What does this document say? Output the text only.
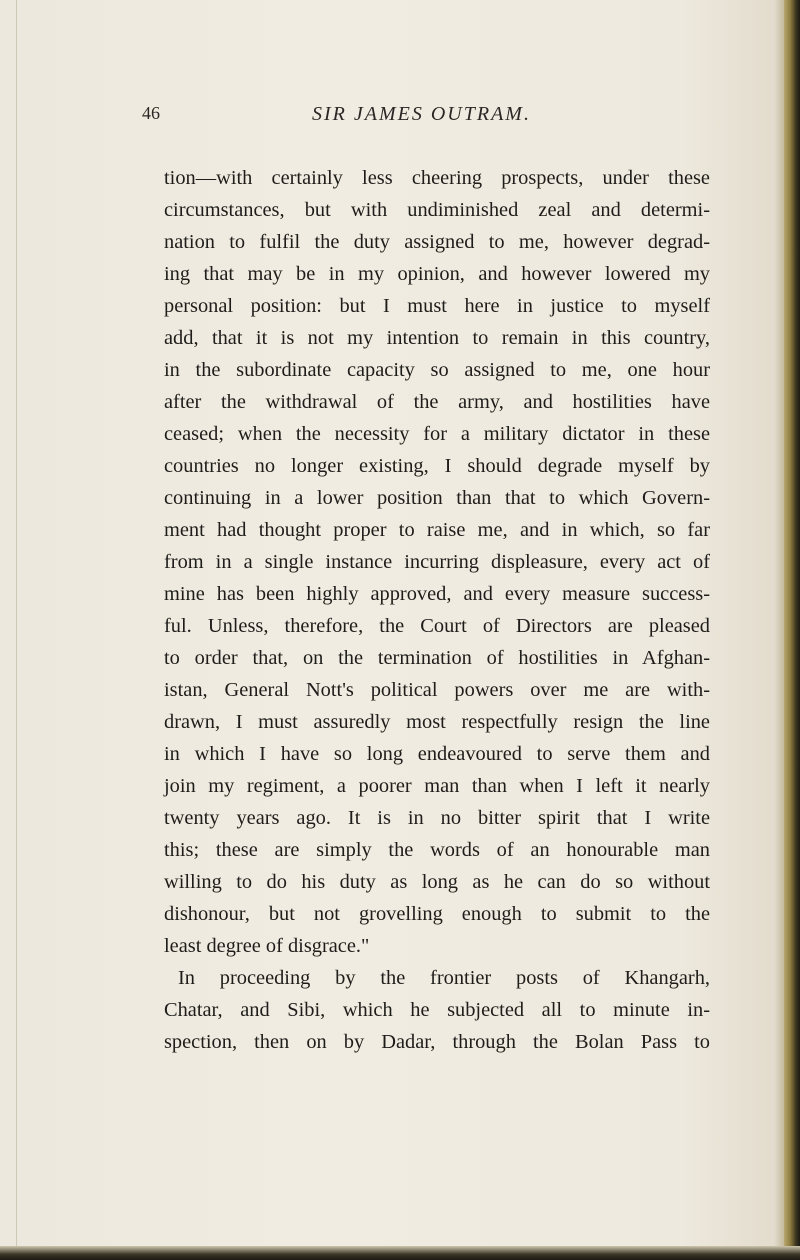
46	SIR JAMES OUTRAM.
tion—with certainly less cheering prospects, under these
circumstances, but with undiminished zeal and determi-
nation to fulfil the duty assigned to me, however degrad-
ing that may be in my opinion, and however lowered my
personal position: but I must here in justice to myself
add, that it is not my intention to remain in this country,
in the subordinate capacity so assigned to me, one hour
after the withdrawal of the army, and hostilities have
ceased; when the necessity for a military dictator in these
countries no longer existing, I should degrade myself by
continuing in a lower position than that to which Govern-
ment had thought proper to raise me, and in which, so far
from in a single instance incurring displeasure, every act of
mine has been highly approved, and every measure success-
ful. Unless, therefore, the Court of Directors are pleased
to order that, on the termination of hostilities in Afghan-
istan, General Nott's political powers over me are with-
drawn, I must assuredly most respectfully resign the line
in which I have so long endeavoured to serve them and
join my regiment, a poorer man than when I left it nearly
twenty years ago. It is in no bitter spirit that I write
this; these are simply the words of an honourable man
willing to do his duty as long as he can do so without
dishonour, but not grovelling enough to submit to the
least degree of disgrace."
In proceeding by the frontier posts of Khangarh,
Chatar, and Sibi, which he subjected all to minute in-
spection, then on by Dadar, through the Bolan Pass to
